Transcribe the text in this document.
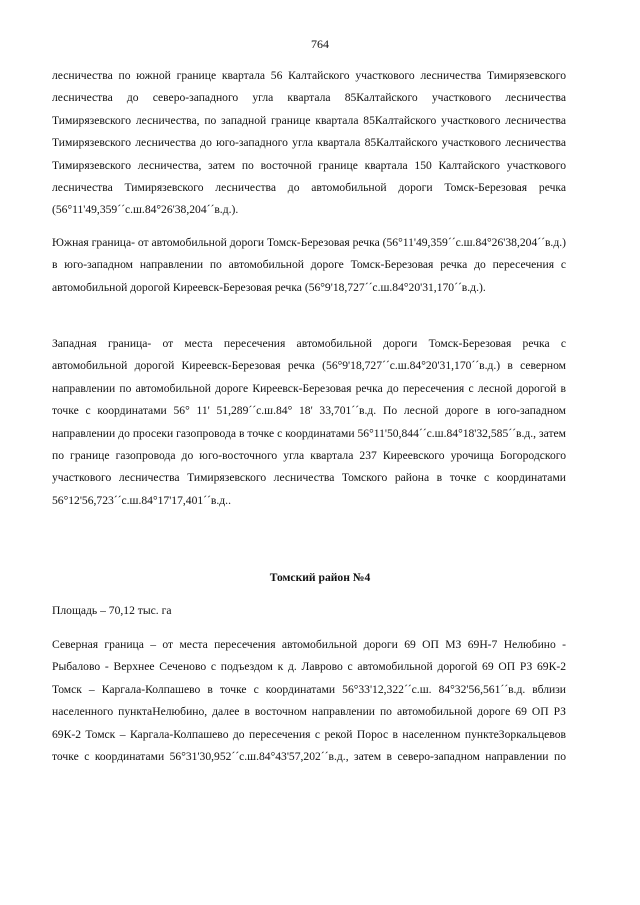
764

лесничества по южной границе квартала 56 Калтайского участкового лесничества Тимирязевского лесничества до северо-западного угла квартала 85Калтайского участкового лесничества Тимирязевского лесничества, по западной границе квартала 85Калтайского участкового лесничества Тимирязевского лесничества до юго-западного угла квартала 85Калтайского участкового лесничества Тимирязевского лесничества, затем по восточной границе квартала 150 Калтайского участкового лесничества Тимирязевского лесничества до автомобильной дороги Томск-Березовая речка (56°11'49,359´´с.ш.84°26'38,204´´в.д.).

Южная граница- от автомобильной дороги Томск-Березовая речка (56°11'49,359´´с.ш.84°26'38,204´´в.д.) в юго-западном направлении по автомобильной дороге Томск-Березовая речка до пересечения с автомобильной дорогой Киреевск-Березовая речка (56°9'18,727´´с.ш.84°20'31,170´´в.д.).

Западная граница- от места пересечения автомобильной дороги Томск-Березовая речка с автомобильной дорогой Киреевск-Березовая речка (56°9'18,727´´с.ш.84°20'31,170´´в.д.) в северном направлении по автомобильной дороге Киреевск-Березовая речка до пересечения с лесной дорогой в точке с координатами 56° 11' 51,289´´с.ш.84° 18' 33,701´´в.д. По лесной дороге в юго-западном направлении до просеки газопровода в точке с координатами 56°11'50,844´´с.ш.84°18'32,585´´в.д., затем по границе газопровода до юго-восточного угла квартала 237 Киреевского урочища Богородского участкового лесничества Тимирязевского лесничества Томского района в точке с координатами 56°12'56,723´´с.ш.84°17'17,401´´в.д..

Томский район №4

Площадь – 70,12 тыс. га

Северная граница – от места пересечения автомобильной дороги 69 ОП МЗ 69Н-7 Нелюбино - Рыбалово - Верхнее Сеченово с подъездом к д. Лаврово с автомобильной дорогой 69 ОП РЗ 69К-2 Томск – Каргала-Колпашево в точке с координатами 56°33'12,322´´с.ш. 84°32'56,561´´в.д. вблизи населенного пунктаНелюбино, далее в восточном направлении по автомобильной дороге 69 ОП РЗ 69К-2 Томск – Каргала-Колпашево до пересечения с рекой Порос в населенном пунктеЗоркальцевов точке с координатами 56°31'30,952´´с.ш.84°43'57,202´´в.д., затем в северо-западном направлении по
